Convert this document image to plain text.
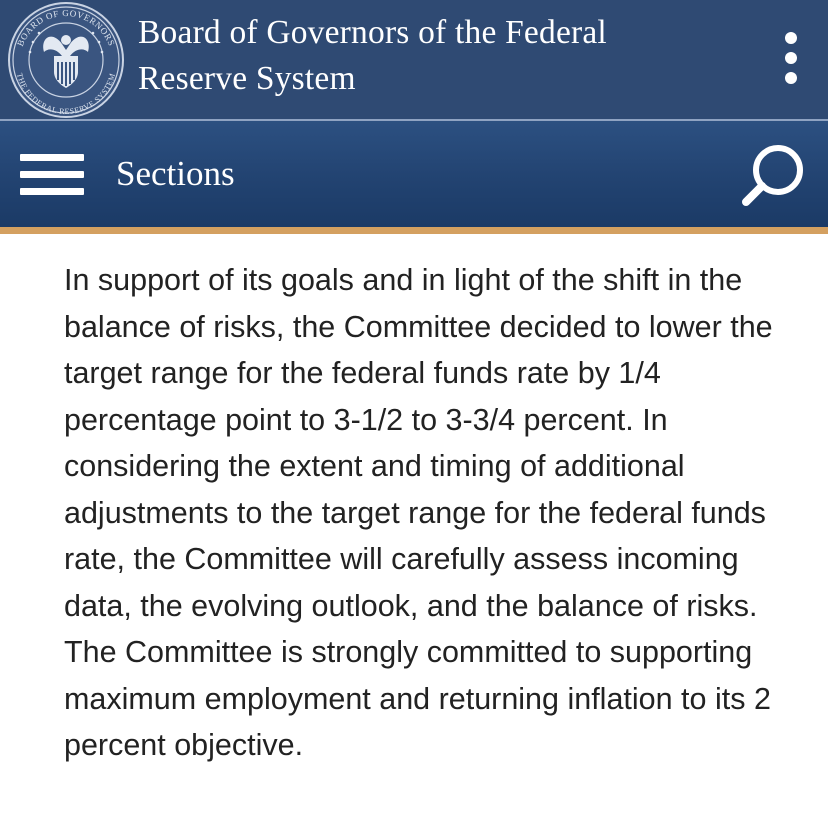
BOARD OF GOVERNORS
THE FEDERAL RESERVE SYSTEM
Board of Governors of the Federal
Reserve System
Sections

In support of its goals and in light of the shift in the balance of risks, the Committee decided to lower the target range for the federal funds rate by 1/4 percentage point to 3-1/2 to 3-3/4 percent. In considering the extent and timing of additional adjustments to the target range for the federal funds rate, the Committee will carefully assess incoming data, the evolving outlook, and the balance of risks. The Committee is strongly committed to supporting maximum employment and returning inflation to its 2 percent objective.
